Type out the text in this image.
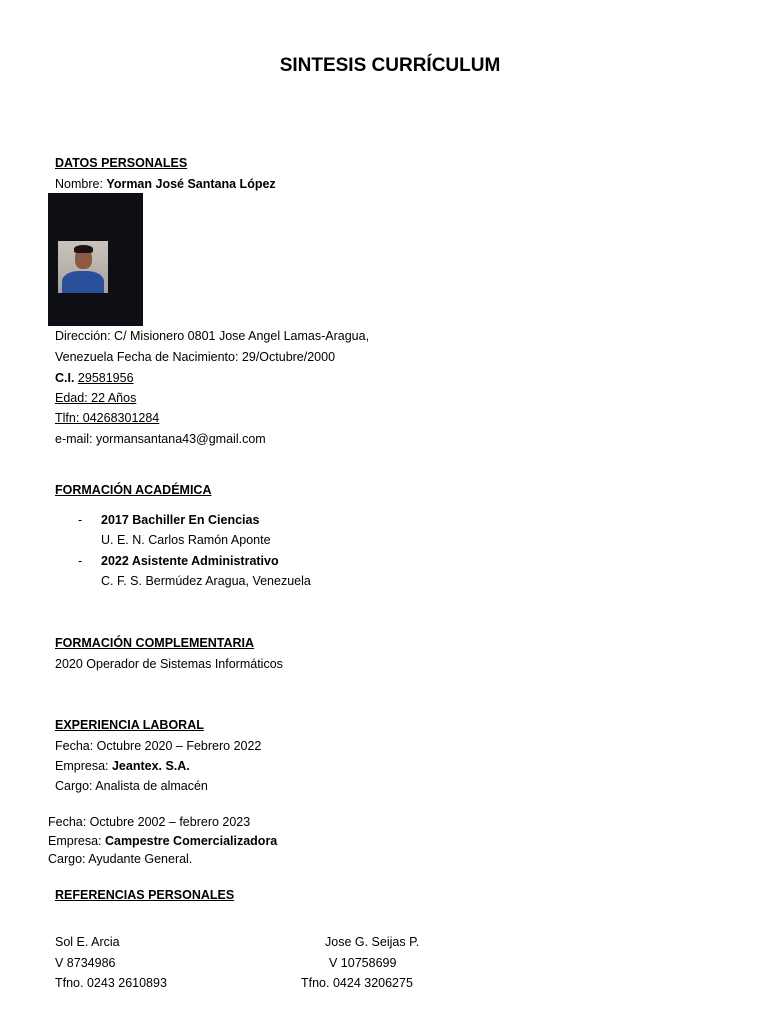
SINTESIS CURRÍCULUM
DATOS PERSONALES
Nombre: Yorman José Santana López
Dirección: C/ Misionero 0801 Jose Angel Lamas-Aragua,
Venezuela Fecha de Nacimiento: 29/Octubre/2000
C.I. 29581956
Edad: 22 Años
Tlfn: 04268301284
e-mail: yormansantana43@gmail.com
FORMACIÓN ACADÉMICA
- 2017 Bachiller En Ciencias
U. E. N. Carlos Ramón Aponte
- 2022 Asistente Administrativo
C. F. S. Bermúdez Aragua, Venezuela
FORMACIÓN COMPLEMENTARIA
2020 Operador de Sistemas Informáticos
EXPERIENCIA LABORAL
Fecha: Octubre 2020 – Febrero 2022
Empresa: Jeantex. S.A.
Cargo: Analista de almacén
Fecha: Octubre 2002 – febrero 2023
Empresa: Campestre Comercializadora
Cargo: Ayudante General.
REFERENCIAS PERSONALES
Sol E. Arcia
V 8734986
Tfno. 0243 2610893
Jose G. Seijas P.
V 10758699
Tfno. 0424 3206275
